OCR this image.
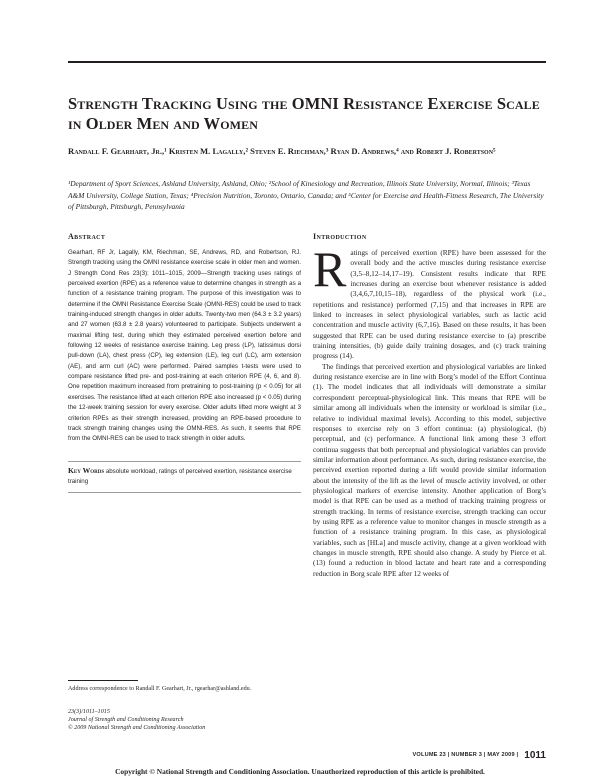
Strength Tracking Using the OMNI Resistance Exercise Scale in Older Men and Women

Randall F. Gearhart, Jr.,¹ Kristen M. Lagally,² Steven E. Riechman,³ Ryan D. Andrews,⁴ and Robert J. Robertson⁵

¹Department of Sport Sciences, Ashland University, Ashland, Ohio; ²School of Kinesiology and Recreation, Illinois State University, Normal, Illinois; ³Texas A&M University, College Station, Texas; ⁴Precision Nutrition, Toronto, Ontario, Canada; and ⁵Center for Exercise and Health-Fitness Research, The University of Pittsburgh, Pittsburgh, Pennsylvania

Abstract

Gearhart, RF Jr, Lagally, KM, Riechman, SE, Andrews, RD, and Robertson, RJ. Strength tracking using the OMNI resistance exercise scale in older men and women. J Strength Cond Res 23(3): 1011–1015, 2009—Strength tracking uses ratings of perceived exertion (RPE) as a reference value to determine changes in strength as a function of a resistance training program. The purpose of this investigation was to determine if the OMNI Resistance Exercise Scale (OMNI-RES) could be used to track training-induced strength changes in older adults. Twenty-two men (64.3 ± 3.2 years) and 27 women (63.8 ± 2.8 years) volunteered to participate. Subjects underwent a maximal lifting test, during which they estimated perceived exertion before and following 12 weeks of resistance exercise training. Leg press (LP), latissimus dorsi pull-down (LA), chest press (CP), leg extension (LE), leg curl (LC), arm extension (AE), and arm curl (AC) were performed. Paired samples t-tests were used to compare resistance lifted pre- and post-training at each criterion RPE (4, 6, and 8). One repetition maximum increased from pretraining to post-training (p < 0.05) for all exercises. The resistance lifted at each criterion RPE also increased (p < 0.05) during the 12-week training session for every exercise. Older adults lifted more weight at 3 criterion RPEs as their strength increased, providing an RPE-based procedure to track strength training changes using the OMNI-RES. As such, it seems that RPE from the OMNI-RES can be used to track strength in older adults.

Key Words absolute workload, ratings of perceived exertion, resistance exercise training

Address correspondence to Randall F. Gearhart, Jr., rgearhar@ashland.edu.

23(3)/1011–1015
Journal of Strength and Conditioning Research
© 2009 National Strength and Conditioning Association
Introduction
R atings of perceived exertion (RPE) have been assessed for the overall body and the active muscles during resistance exercise (3,5–8,12–14,17–19). Consistent results indicate that RPE increases during an exercise bout whenever resistance is added (3,4,6,7,10,15–18), regardless of the physical work (i.e., repetitions and resistance) performed (7,15) and that increases in RPE are linked to increases in select physiological variables, such as lactic acid concentration and muscle activity (6,7,16). Based on these results, it has been suggested that RPE can be used during resistance exercise to (a) prescribe training intensities, (b) guide daily training dosages, and (c) track training progress (14).

The findings that perceived exertion and physiological variables are linked during resistance exercise are in line with Borg’s model of the Effort Continua (1). The model indicates that all individuals will demonstrate a similar correspondent perceptual-physiological link. This means that RPE will be similar among all individuals when the intensity or workload is similar (i.e., relative to individual maximal levels). According to this model, subjective responses to exercise rely on 3 effort continua: (a) physiological, (b) perceptual, and (c) performance. A functional link among these 3 effort continua suggests that both perceptual and physiological variables can provide similar information about performance. As such, during resistance exercise, the perceived exertion reported during a lift would provide similar information about the intensity of the lift as the level of muscle activity involved, or other physiological markers of exercise intensity. Another application of Borg’s model is that RPE can be used as a method of tracking training progress or strength tracking. In terms of resistance exercise, strength tracking can occur by using RPE as a reference value to monitor changes in muscle strength as a function of a resistance training program. In this case, as physiological variables, such as [HLa] and muscle activity, change at a given workload with changes in muscle strength, RPE should also change. A study by Pierce et al. (13) found a reduction in blood lactate and heart rate and a corresponding reduction in Borg scale RPE after 12 weeks of

VOLUME 23 | NUMBER 3 | MAY 2009 | 1011

Copyright © National Strength and Conditioning Association. Unauthorized reproduction of this article is prohibited.
